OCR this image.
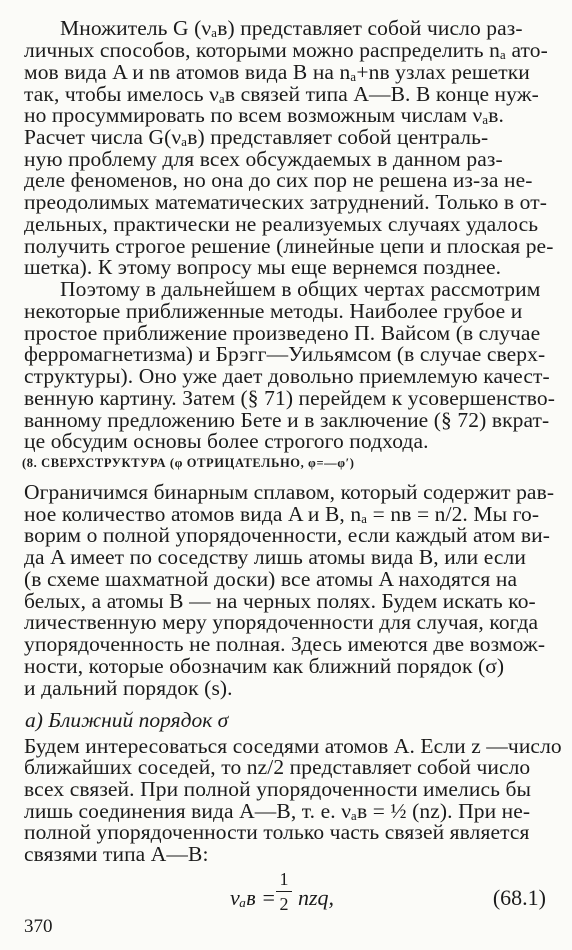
Множитель G (νₐʙ) представляет собой число раз-
личных способов, которыми можно распределить nₐ ато-
мов вида A и nʙ атомов вида B на nₐ+nʙ узлах решетки
так, чтобы имелось νₐʙ связей типа A—B. В конце нуж-
но просуммировать по всем возможным числам νₐʙ.
Расчет числа G(νₐʙ) представляет собой централь‑
ную проблему для всех обсуждаемых в данном раз-
деле феноменов, но она до сих пор не решена из-за не-
преодолимых математических затруднений. Только в от-
дельных, практически не реализуемых случаях удалось
получить строгое решение (линейные цепи и плоская ре-
шетка). К этому вопросу мы еще вернемся позднее.
Поэтому в дальнейшем в общих чертах рассмотрим
некоторые приближенные методы. Наиболее грубое и
простое приближение произведено П. Вайсом (в случае
ферромагнетизма) и Брэгг—Уильямсом (в случае сверх-
структуры). Оно уже дает довольно приемлемую качест-
венную картину. Затем (§ 71) перейдем к усовершенство-
ванному предложению Бете и в заключение (§ 72) вкрат-
це обсудим основы более строгого подхода.
(8. СВЕРХСТРУКТУРА (φ ОТРИЦАТЕЛЬНО, φ=—φ′)
Ограничимся бинарным сплавом, который содержит рав-
ное количество атомов вида A и B, nₐ = nʙ = n/2. Мы го-
ворим о полной упорядоченности, если каждый атом ви-
да A имеет по соседству лишь атомы вида B, или если
(в схеме шахматной доски) все атомы A находятся на
белых, а атомы B — на черных полях. Будем искать ко-
личественную меру упорядоченности для случая, когда
упорядоченность не полная. Здесь имеются две возмож-
ности, которые обозначим как ближний порядок (σ)
и дальний порядок (s).
а) Ближний порядок σ
Будем интересоваться соседями атомов A. Если z —число
ближайших соседей, то nz/2 представляет собой число
всех связей. При полной упорядоченности имелись бы
лишь соединения вида A—B, т. е. νₐʙ = ½ (nz). При не-
полной упорядоченности только часть связей является
связями типа A—B:
νₐʙ =
1
2 nzq,	(68.1)
370
